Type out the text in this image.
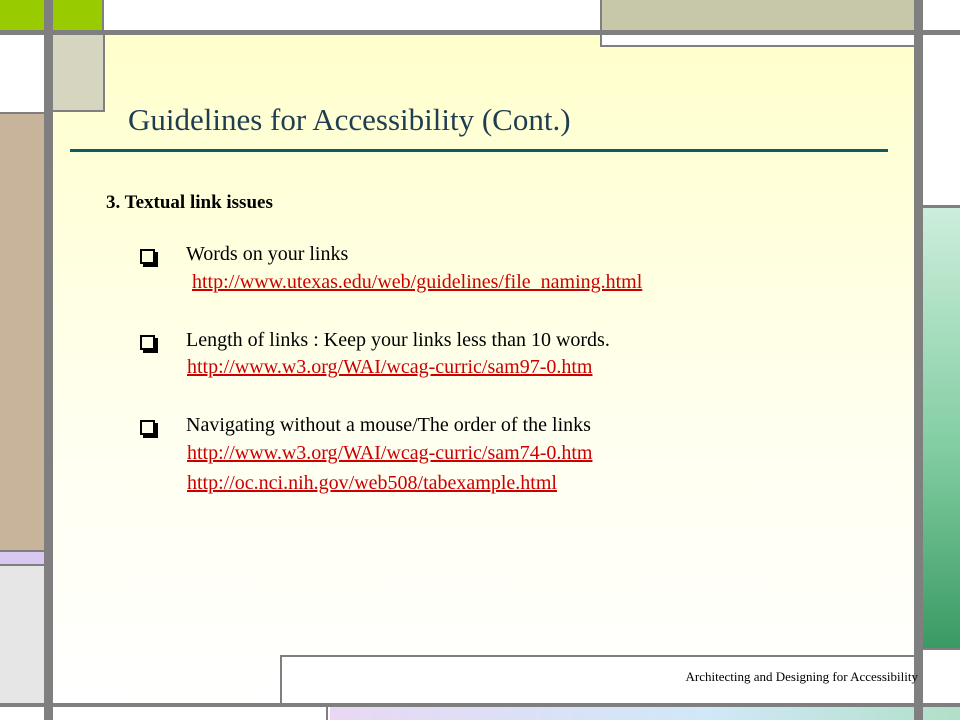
Guidelines for Accessibility (Cont.)
3. Textual link issues
Words on your links
http://www.utexas.edu/web/guidelines/file_naming.html
Length of links : Keep your links less than 10 words.
http://www.w3.org/WAI/wcag-curric/sam97-0.htm
Navigating without a mouse/The order of the links
http://www.w3.org/WAI/wcag-curric/sam74-0.htm
http://oc.nci.nih.gov/web508/tabexample.html
Architecting and Designing for Accessibility
